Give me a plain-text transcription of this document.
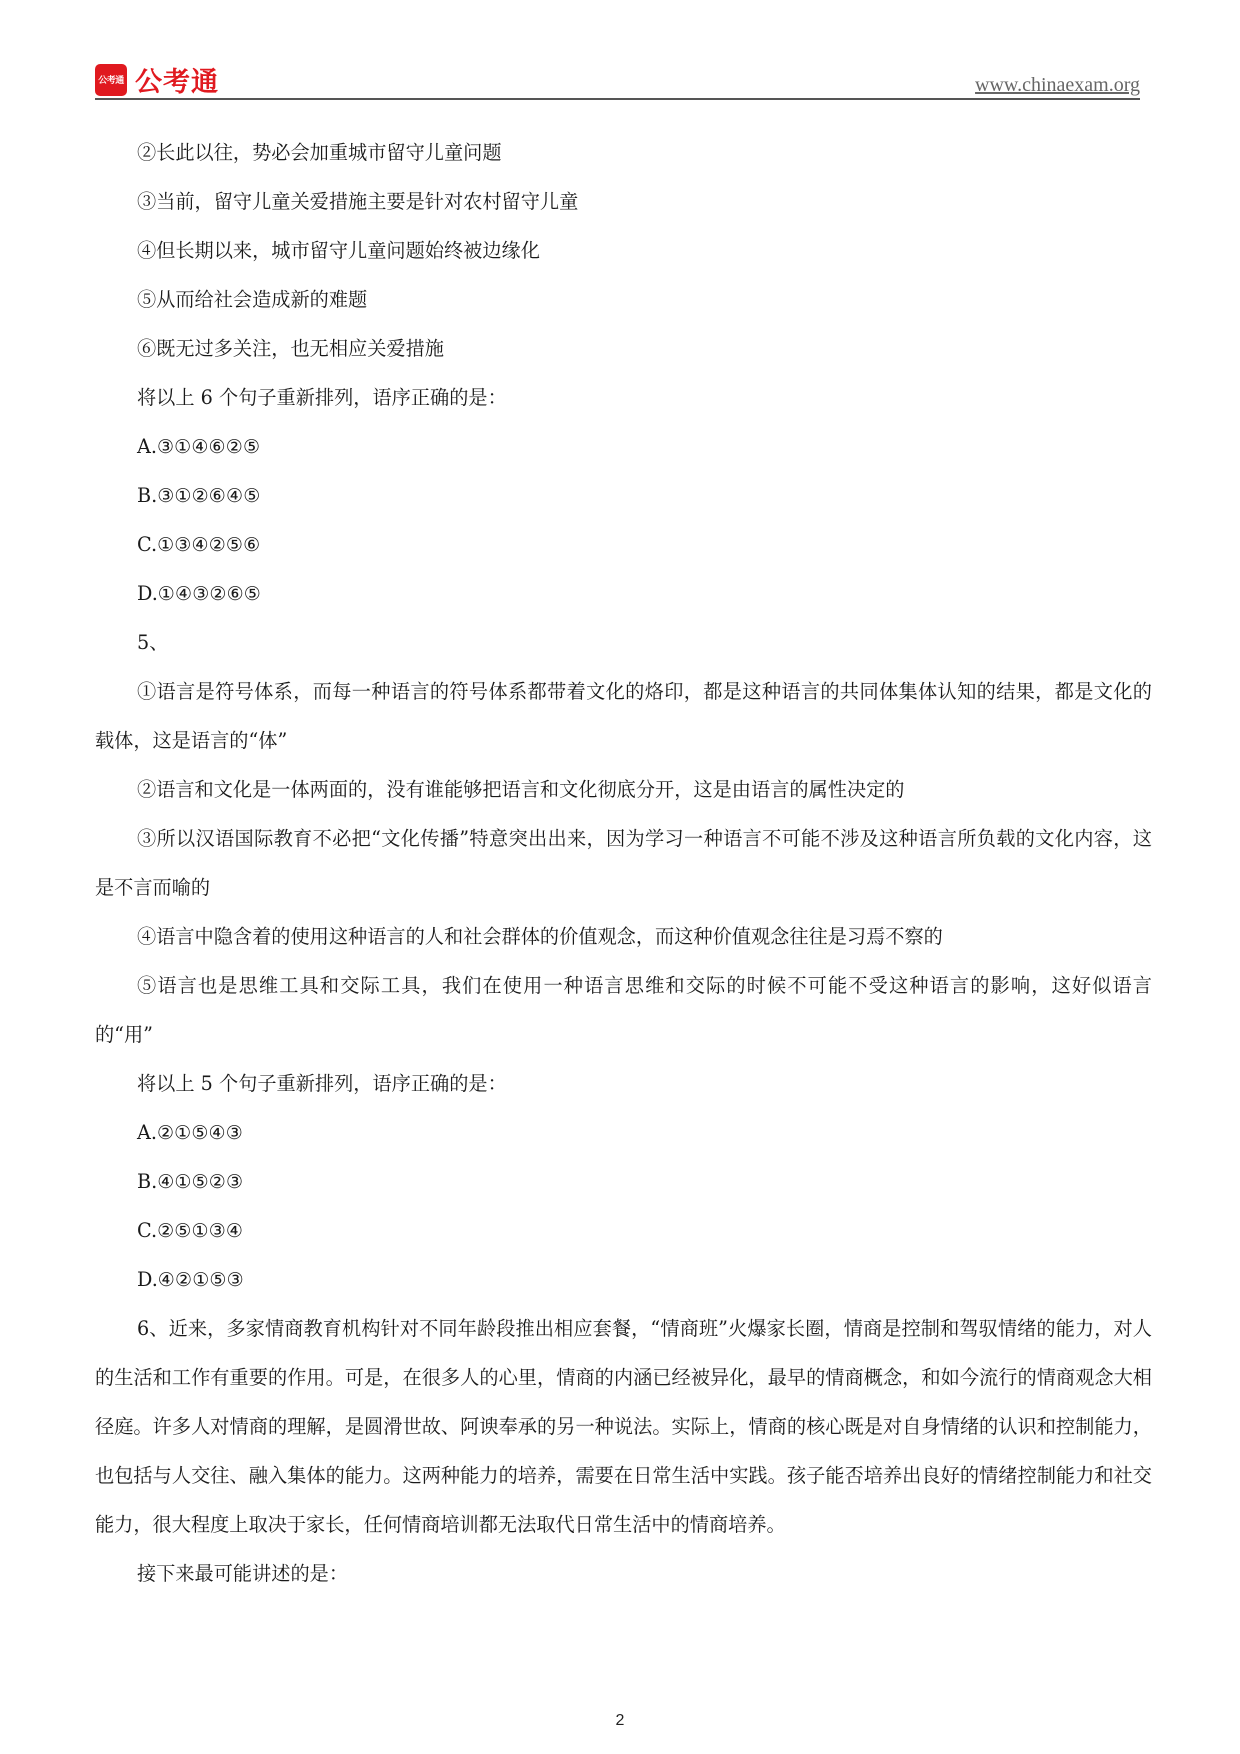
公考通 公考通	www.chinaexam.org

②长此以往，势必会加重城市留守儿童问题

③当前，留守儿童关爱措施主要是针对农村留守儿童

④但长期以来，城市留守儿童问题始终被边缘化

⑤从而给社会造成新的难题

⑥既无过多关注，也无相应关爱措施

将以上 6 个句子重新排列，语序正确的是：

A.③①④⑥②⑤

B.③①②⑥④⑤

C.①③④②⑤⑥

D.①④③②⑥⑤

5、

①语言是符号体系，而每一种语言的符号体系都带着文化的烙印，都是这种语言的共同体集体认知的结果，都是文化的载体，这是语言的“体”

②语言和文化是一体两面的，没有谁能够把语言和文化彻底分开，这是由语言的属性决定的

③所以汉语国际教育不必把“文化传播”特意突出出来，因为学习一种语言不可能不涉及这种语言所负载的文化内容，这是不言而喻的

④语言中隐含着的使用这种语言的人和社会群体的价值观念，而这种价值观念往往是习焉不察的

⑤语言也是思维工具和交际工具，我们在使用一种语言思维和交际的时候不可能不受这种语言的影响，这好似语言的“用”

将以上 5 个句子重新排列，语序正确的是：

A.②①⑤④③

B.④①⑤②③

C.②⑤①③④

D.④②①⑤③

6、近来，多家情商教育机构针对不同年龄段推出相应套餐，“情商班”火爆家长圈，情商是控制和驾驭情绪的能力，对人的生活和工作有重要的作用。可是，在很多人的心里，情商的内涵已经被异化，最早的情商概念，和如今流行的情商观念大相径庭。许多人对情商的理解，是圆滑世故、阿谀奉承的另一种说法。实际上，情商的核心既是对自身情绪的认识和控制能力，也包括与人交往、融入集体的能力。这两种能力的培养，需要在日常生活中实践。孩子能否培养出良好的情绪控制能力和社交能力，很大程度上取决于家长，任何情商培训都无法取代日常生活中的情商培养。

接下来最可能讲述的是：

2
